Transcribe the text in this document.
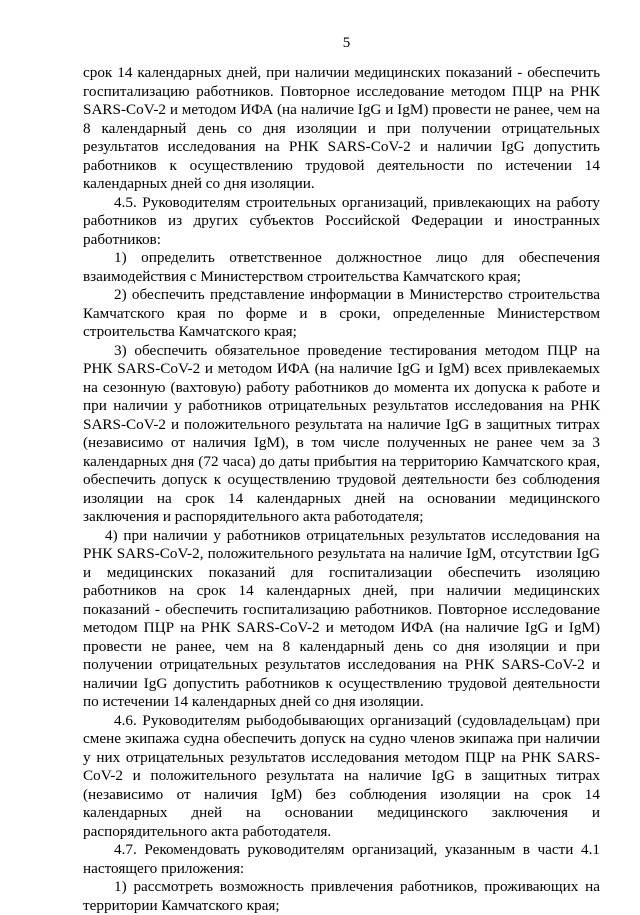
5

срок 14 календарных дней, при наличии медицинских показаний - обеспечить госпитализацию работников. Повторное исследование методом ПЦР на РНК SARS-CoV-2 и методом ИФА (на наличие IgG и IgM) провести не ранее, чем на 8 календарный день со дня изоляции и при получении отрицательных результатов исследования на РНК SARS-CoV-2 и наличии IgG допустить работников к осуществлению трудовой деятельности по истечении 14 календарных дней со дня изоляции.

4.5. Руководителям строительных организаций, привлекающих на работу работников из других субъектов Российской Федерации и иностранных работников:

1) определить ответственное должностное лицо для обеспечения взаимодействия с Министерством строительства Камчатского края;

2) обеспечить представление информации в Министерство строительства Камчатского края по форме и в сроки, определенные Министерством строительства Камчатского края;

3) обеспечить обязательное проведение тестирования методом ПЦР на РНК SARS-CoV-2 и методом ИФА (на наличие IgG и IgM) всех привлекаемых на сезонную (вахтовую) работу работников до момента их допуска к работе и при наличии у работников отрицательных результатов исследования на РНК SARS-CoV-2 и положительного результата на наличие IgG в защитных титрах (независимо от наличия IgM), в том числе полученных не ранее чем за 3 календарных дня (72 часа) до даты прибытия на территорию Камчатского края, обеспечить допуск к осуществлению трудовой деятельности без соблюдения изоляции на срок 14 календарных дней на основании медицинского заключения и распорядительного акта работодателя;

4) при наличии у работников отрицательных результатов исследования на РНК SARS-CoV-2, положительного результата на наличие IgM, отсутствии IgG и медицинских показаний для госпитализации обеспечить изоляцию работников на срок 14 календарных дней, при наличии медицинских показаний - обеспечить госпитализацию работников. Повторное исследование методом ПЦР на РНК SARS-CoV-2 и методом ИФА (на наличие IgG и IgM) провести не ранее, чем на 8 календарный день со дня изоляции и при получении отрицательных результатов исследования на РНК SARS-CoV-2 и наличии IgG допустить работников к осуществлению трудовой деятельности по истечении 14 календарных дней со дня изоляции.

4.6. Руководителям рыбодобывающих организаций (судовладельцам) при смене экипажа судна обеспечить допуск на судно членов экипажа при наличии у них отрицательных результатов исследования методом ПЦР на РНК SARS-CoV-2 и положительного результата на наличие IgG в защитных титрах (независимо от наличия IgM) без соблюдения изоляции на срок 14 календарных дней на основании медицинского заключения и распорядительного акта работодателя.

4.7. Рекомендовать руководителям организаций, указанным в части 4.1 настоящего приложения:

1) рассмотреть возможность привлечения работников, проживающих на территории Камчатского края;
